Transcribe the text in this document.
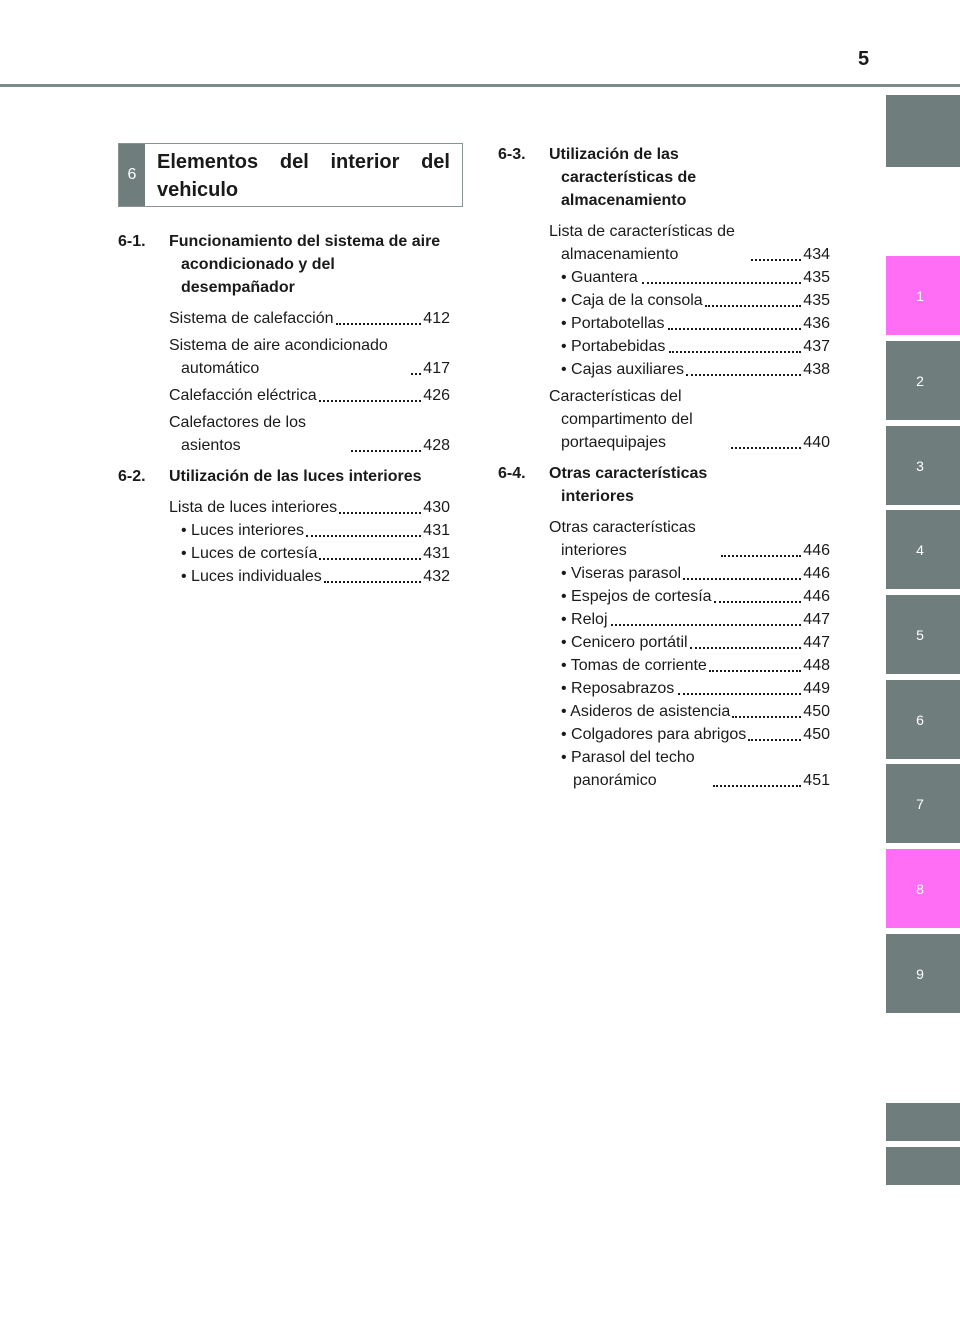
5
1
2
3
4
5
6
7
8
9
6
Elementos del interior del vehiculo
6-1.	Funcionamiento del sistema de aire acondicionado y del desempañador
Sistema de calefacción	412
Sistema de aire acondicionado automático	417
Calefacción eléctrica	426
Calefactores de los asientos	428
6-2.	Utilización de las luces interiores
Lista de luces interiores	430
• Luces interiores	431
• Luces de cortesía	431
• Luces individuales	432
6-3.	Utilización de las características de almacenamiento
Lista de características de almacenamiento	434
• Guantera	435
• Caja de la consola	435
• Portabotellas	436
• Portabebidas	437
• Cajas auxiliares	438
Características del compartimento del portaequipajes	440
6-4.	Otras características interiores
Otras características interiores	446
• Viseras parasol	446
• Espejos de cortesía	446
• Reloj	447
• Cenicero portátil	447
• Tomas de corriente	448
• Reposabrazos	449
• Asideros de asistencia	450
• Colgadores para abrigos	450
• Parasol del techo panorámico	451
